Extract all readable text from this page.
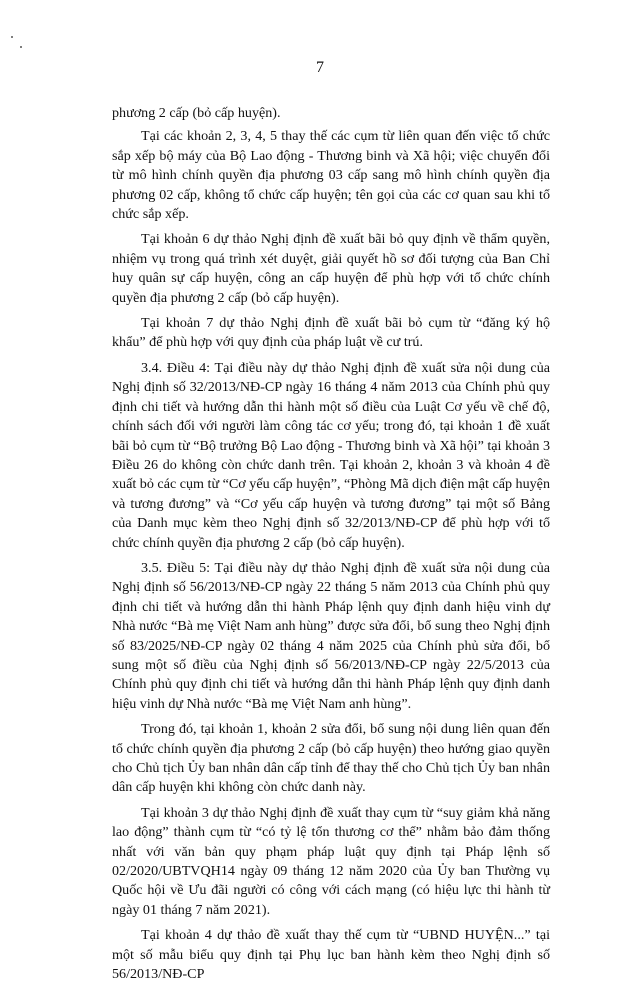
7

phương 2 cấp (bỏ cấp huyện).

Tại các khoản 2, 3, 4, 5 thay thế các cụm từ liên quan đến việc tổ chức sắp xếp bộ máy của Bộ Lao động - Thương binh và Xã hội; việc chuyển đổi từ mô hình chính quyền địa phương 03 cấp sang mô hình chính quyền địa phương 02 cấp, không tổ chức cấp huyện; tên gọi của các cơ quan sau khi tổ chức sắp xếp.

Tại khoản 6 dự thảo Nghị định đề xuất bãi bỏ quy định về thẩm quyền, nhiệm vụ trong quá trình xét duyệt, giải quyết hồ sơ đối tượng của Ban Chỉ huy quân sự cấp huyện, công an cấp huyện để phù hợp với tổ chức chính quyền địa phương 2 cấp (bỏ cấp huyện).

Tại khoản 7 dự thảo Nghị định đề xuất bãi bỏ cụm từ “đăng ký hộ khẩu” để phù hợp với quy định của pháp luật về cư trú.

3.4. Điều 4: Tại điều này dự thảo Nghị định đề xuất sửa nội dung của Nghị định số 32/2013/NĐ-CP ngày 16 tháng 4 năm 2013 của Chính phủ quy định chi tiết và hướng dẫn thi hành một số điều của Luật Cơ yếu về chế độ, chính sách đối với người làm công tác cơ yếu; trong đó, tại khoản 1 đề xuất bãi bỏ cụm từ “Bộ trưởng Bộ Lao động - Thương binh và Xã hội” tại khoản 3 Điều 26 do không còn chức danh trên. Tại khoản 2, khoản 3 và khoản 4 đề xuất bỏ các cụm từ “Cơ yếu cấp huyện”, “Phòng Mã dịch điện mật cấp huyện và tương đương” và “Cơ yếu cấp huyện và tương đương” tại một số Bảng của Danh mục kèm theo Nghị định số 32/2013/NĐ-CP để phù hợp với tổ chức chính quyền địa phương 2 cấp (bỏ cấp huyện).

3.5. Điều 5: Tại điều này dự thảo Nghị định đề xuất sửa nội dung của Nghị định số 56/2013/NĐ-CP ngày 22 tháng 5 năm 2013 của Chính phủ quy định chi tiết và hướng dẫn thi hành Pháp lệnh quy định danh hiệu vinh dự Nhà nước “Bà mẹ Việt Nam anh hùng” được sửa đổi, bổ sung theo Nghị định số 83/2025/NĐ-CP ngày 02 tháng 4 năm 2025 của Chính phủ sửa đổi, bổ sung một số điều của Nghị định số 56/2013/NĐ-CP ngày 22/5/2013 của Chính phủ quy định chi tiết và hướng dẫn thi hành Pháp lệnh quy định danh hiệu vinh dự Nhà nước “Bà mẹ Việt Nam anh hùng”.

Trong đó, tại khoản 1, khoản 2 sửa đổi, bổ sung nội dung liên quan đến tổ chức chính quyền địa phương 2 cấp (bỏ cấp huyện) theo hướng giao quyền cho Chủ tịch Ủy ban nhân dân cấp tỉnh để thay thế cho Chủ tịch Ủy ban nhân dân cấp huyện khi không còn chức danh này.

Tại khoản 3 dự thảo Nghị định đề xuất thay cụm từ “suy giảm khả năng lao động” thành cụm từ “có tỷ lệ tổn thương cơ thể” nhằm bảo đảm thống nhất với văn bản quy phạm pháp luật quy định tại Pháp lệnh số 02/2020/UBTVQH14 ngày 09 tháng 12 năm 2020 của Ủy ban Thường vụ Quốc hội về Ưu đãi người có công với cách mạng (có hiệu lực thi hành từ ngày 01 tháng 7 năm 2021).

Tại khoản 4 dự thảo đề xuất thay thế cụm từ “UBND HUYỆN...” tại một số mẫu biểu quy định tại Phụ lục ban hành kèm theo Nghị định số 56/2013/NĐ-CP
